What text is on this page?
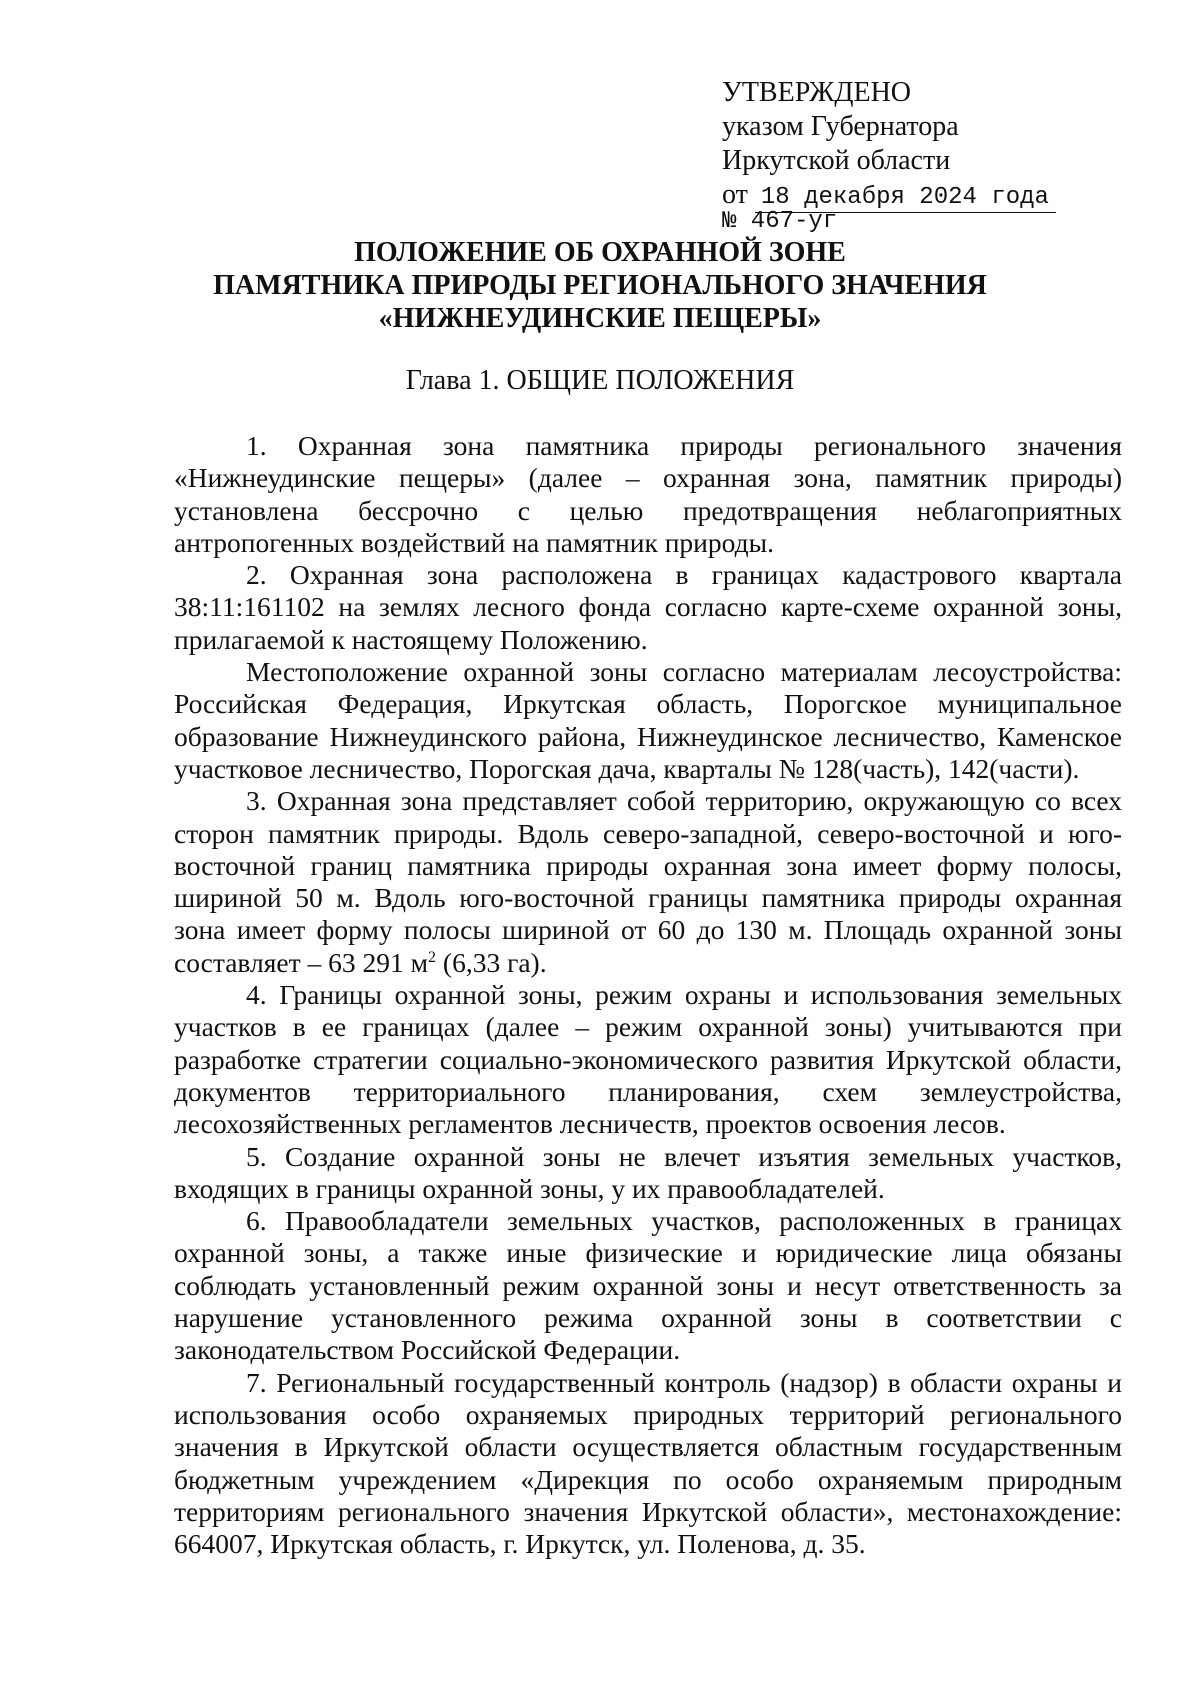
УТВЕРЖДЕНО
указом Губернатора
Иркутской области
от 18 декабря 2024 года
№ 467-уг
ПОЛОЖЕНИЕ ОБ ОХРАННОЙ ЗОНЕ
ПАМЯТНИКА ПРИРОДЫ РЕГИОНАЛЬНОГО ЗНАЧЕНИЯ
«НИЖНЕУДИНСКИЕ ПЕЩЕРЫ»
Глава 1. ОБЩИЕ ПОЛОЖЕНИЯ

1. Охранная зона памятника природы регионального значения «Нижнеудинские пещеры» (далее – охранная зона, памятник природы) установлена бессрочно с целью предотвращения неблагоприятных антропогенных воздействий на памятник природы.

2. Охранная зона расположена в границах кадастрового квартала 38:11:161102 на землях лесного фонда согласно карте-схеме охранной зоны, прилагаемой к настоящему Положению.

Местоположение охранной зоны согласно материалам лесоустройства: Российская Федерация, Иркутская область, Порогское муниципальное образование Нижнеудинского района, Нижнеудинское лесничество, Каменское участковое лесничество, Порогская дача, кварталы № 128(часть), 142(части).

3. Охранная зона представляет собой территорию, окружающую со всех сторон памятник природы. Вдоль северо-западной, северо-восточной и юго-восточной границ памятника природы охранная зона имеет форму полосы, шириной 50 м. Вдоль юго-восточной границы памятника природы охранная зона имеет форму полосы шириной от 60 до 130 м. Площадь охранной зоны составляет – 63 291 $м^2$ (6,33 га).

4. Границы охранной зоны, режим охраны и использования земельных участков в ее границах (далее – режим охранной зоны) учитываются при разработке стратегии социально-экономического развития Иркутской области, документов территориального планирования, схем землеустройства, лесохозяйственных регламентов лесничеств, проектов освоения лесов.

5. Создание охранной зоны не влечет изъятия земельных участков, входящих в границы охранной зоны, у их правообладателей.

6. Правообладатели земельных участков, расположенных в границах охранной зоны, а также иные физические и юридические лица обязаны соблюдать установленный режим охранной зоны и несут ответственность за нарушение установленного режима охранной зоны в соответствии с законодательством Российской Федерации.

7. Региональный государственный контроль (надзор) в области охраны и использования особо охраняемых природных территорий регионального значения в Иркутской области осуществляется областным государственным бюджетным учреждением «Дирекция по особо охраняемым природным территориям регионального значения Иркутской области», местонахождение: 664007, Иркутская область, г. Иркутск, ул. Поленова, д. 35.
